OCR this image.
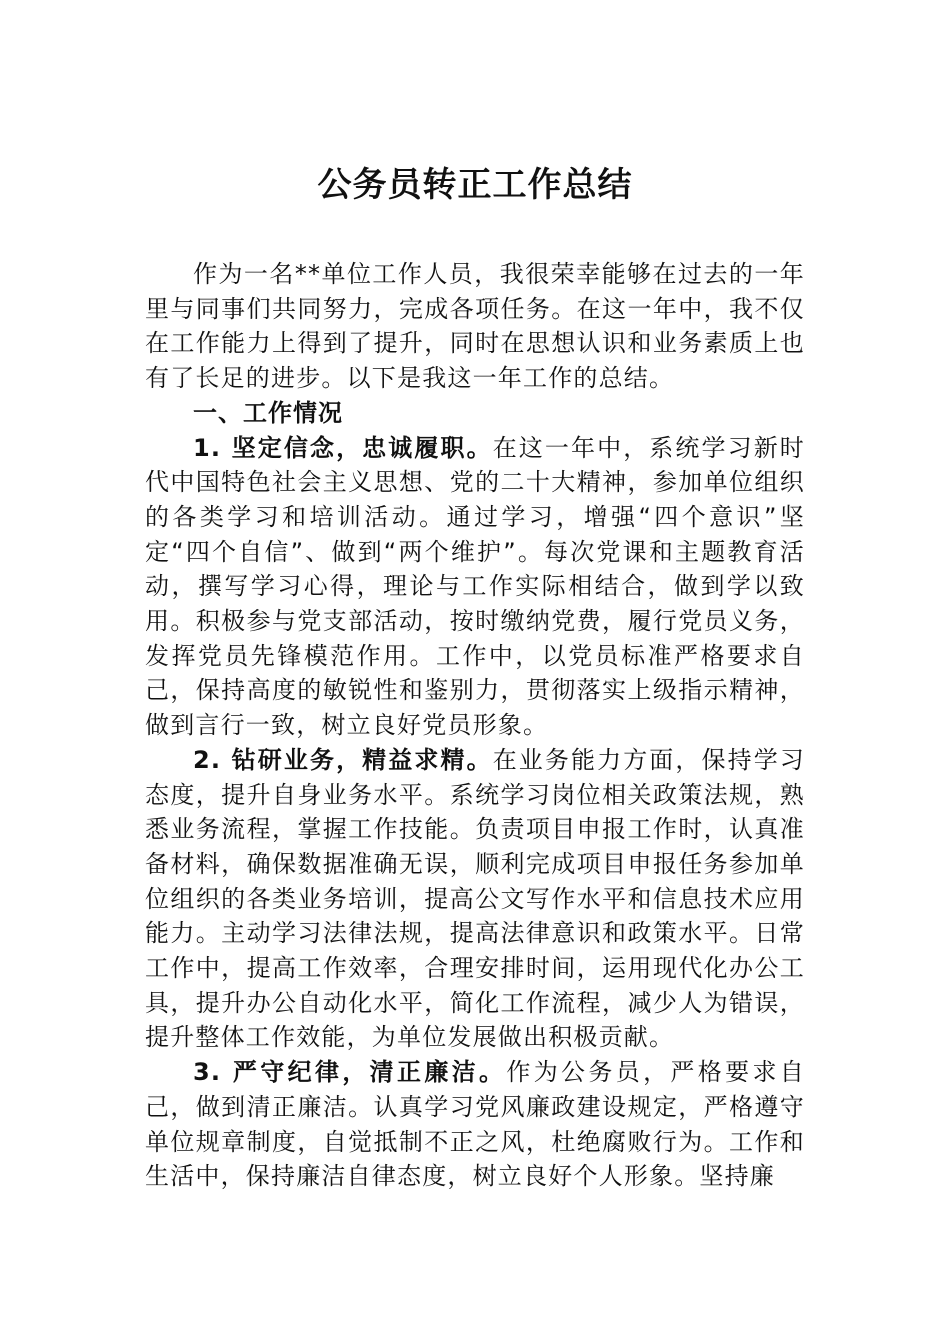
公务员转正工作总结

作为一名**单位工作人员，我很荣幸能够在过去的一年里与同事们共同努力，完成各项任务。在这一年中，我不仅在工作能力上得到了提升，同时在思想认识和业务素质上也有了长足的进步。以下是我这一年工作的总结。

一、工作情况

1. 坚定信念，忠诚履职。在这一年中，系统学习新时代中国特色社会主义思想、党的二十大精神，参加单位组织的各类学习和培训活动。通过学习，增强“四个意识”坚定“四个自信”、做到“两个维护”。每次党课和主题教育活动，撰写学习心得，理论与工作实际相结合，做到学以致用。积极参与党支部活动，按时缴纳党费，履行党员义务，发挥党员先锋模范作用。工作中，以党员标准严格要求自己，保持高度的敏锐性和鉴别力，贯彻落实上级指示精神，做到言行一致，树立良好党员形象。

2. 钻研业务，精益求精。在业务能力方面，保持学习态度，提升自身业务水平。系统学习岗位相关政策法规，熟悉业务流程，掌握工作技能。负责项目申报工作时，认真准备材料，确保数据准确无误，顺利完成项目申报任务参加单位组织的各类业务培训，提高公文写作水平和信息技术应用能力。主动学习法律法规，提高法律意识和政策水平。日常工作中，提高工作效率，合理安排时间，运用现代化办公工具，提升办公自动化水平，简化工作流程，减少人为错误，提升整体工作效能，为单位发展做出积极贡献。

3. 严守纪律，清正廉洁。作为公务员，严格要求自己，做到清正廉洁。认真学习党风廉政建设规定，严格遵守单位规章制度，自觉抵制不正之风，杜绝腐败行为。工作和生活中，保持廉洁自律态度，树立良好个人形象。坚持廉
